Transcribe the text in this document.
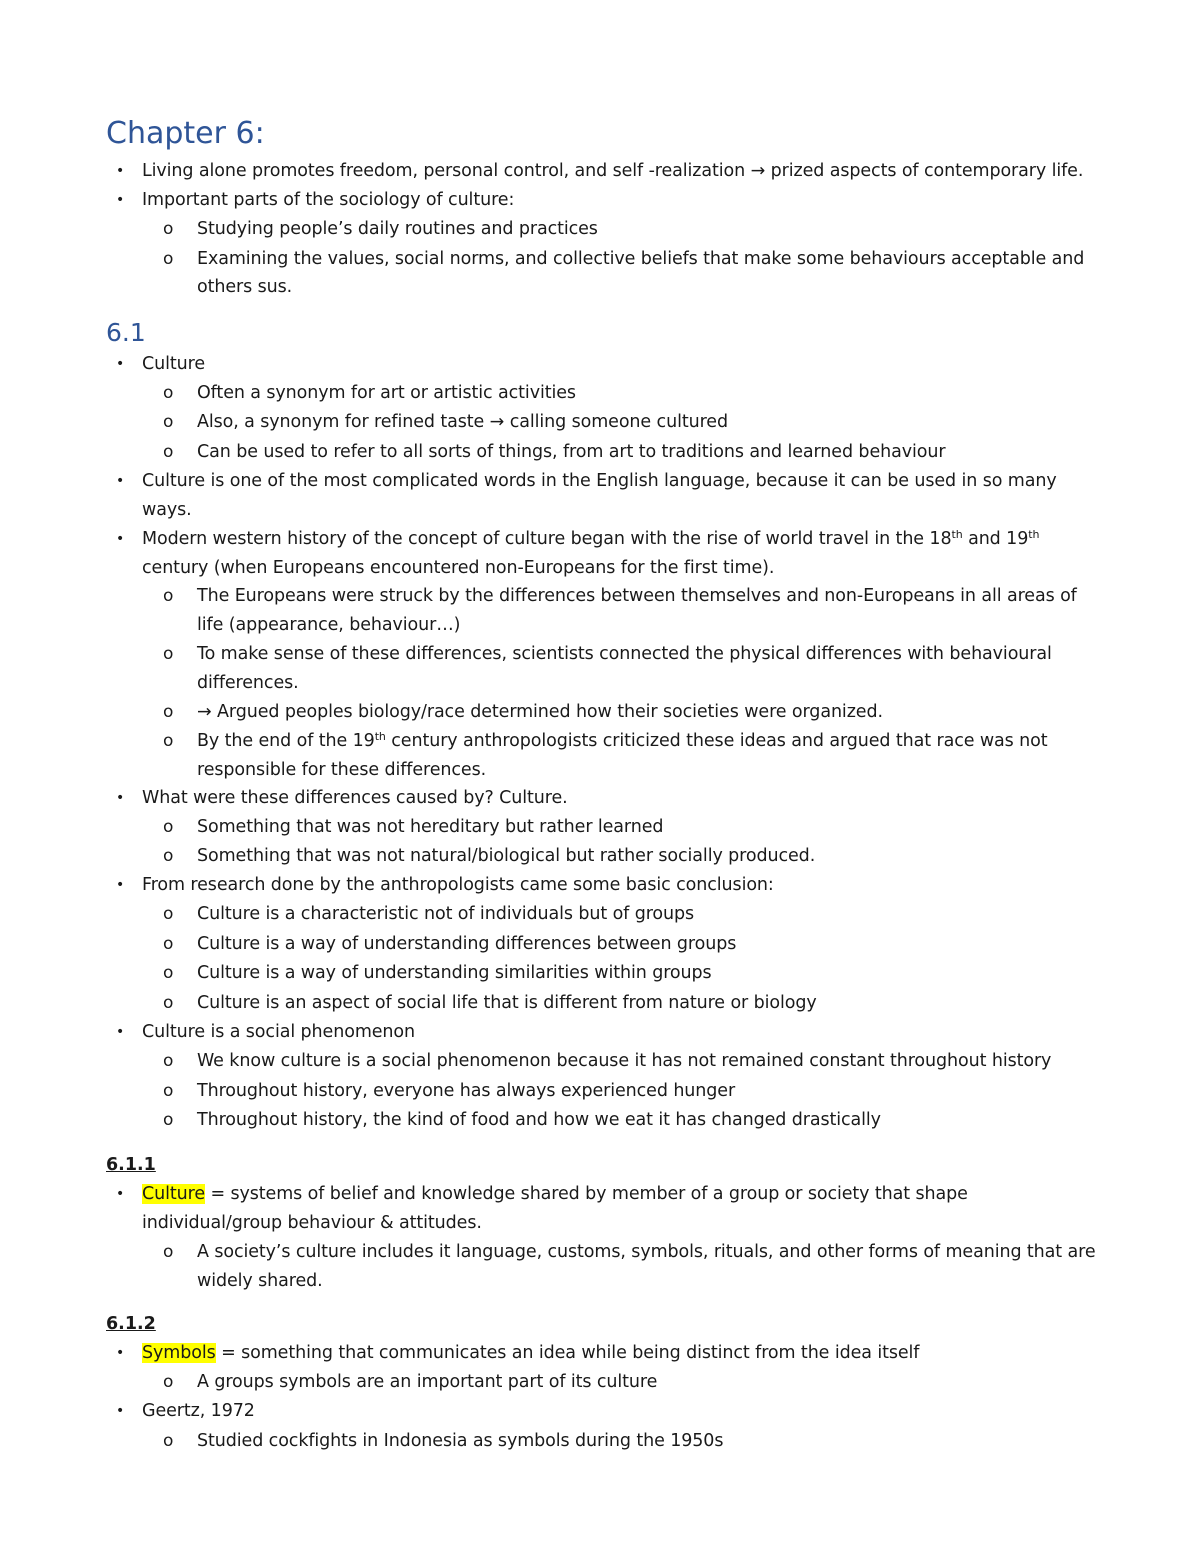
Chapter 6:
• Living alone promotes freedom, personal control, and self -realization → prized aspects of contemporary life.
• Important parts of the sociology of culture:
o Studying people’s daily routines and practices
o Examining the values, social norms, and collective beliefs that make some behaviours acceptable and
others sus.
6.1
• Culture
o Often a synonym for art or artistic activities
o Also, a synonym for refined taste → calling someone cultured
o Can be used to refer to all sorts of things, from art to traditions and learned behaviour
• Culture is one of the most complicated words in the English language, because it can be used in so many
ways.
• Modern western history of the concept of culture began with the rise of world travel in the 18th and 19th
century (when Europeans encountered non-Europeans for the first time).
o The Europeans were struck by the differences between themselves and non-Europeans in all areas of
life (appearance, behaviour…)
o To make sense of these differences, scientists connected the physical differences with behavioural
differences.
o → Argued peoples biology/race determined how their societies were organized.
o By the end of the 19th century anthropologists criticized these ideas and argued that race was not
responsible for these differences.
• What were these differences caused by? Culture.
o Something that was not hereditary but rather learned
o Something that was not natural/biological but rather socially produced.
• From research done by the anthropologists came some basic conclusion:
o Culture is a characteristic not of individuals but of groups
o Culture is a way of understanding differences between groups
o Culture is a way of understanding similarities within groups
o Culture is an aspect of social life that is different from nature or biology
• Culture is a social phenomenon
o We know culture is a social phenomenon because it has not remained constant throughout history
o Throughout history, everyone has always experienced hunger
o Throughout history, the kind of food and how we eat it has changed drastically
6.1.1
• Culture = systems of belief and knowledge shared by member of a group or society that shape
individual/group behaviour & attitudes.
o A society’s culture includes it language, customs, symbols, rituals, and other forms of meaning that are
widely shared.
6.1.2
• Symbols = something that communicates an idea while being distinct from the idea itself
o A groups symbols are an important part of its culture
• Geertz, 1972
o Studied cockfights in Indonesia as symbols during the 1950s
